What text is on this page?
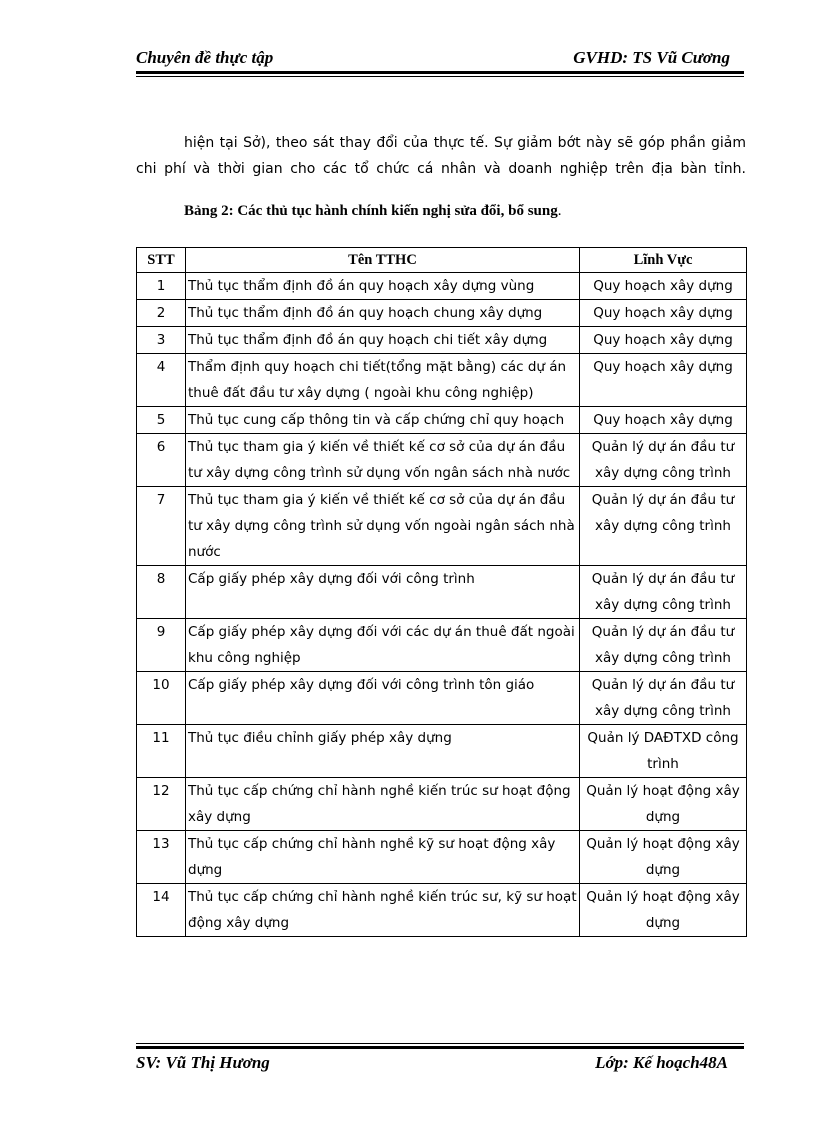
Chuyên đề thực tập	GVHD: TS Vũ Cương

hiện tại Sở), theo sát thay đổi của thực tế. Sự giảm bớt này sẽ góp phần giảm

chi phí và thời gian cho các tổ chức cá nhân và doanh nghiệp trên địa bàn tỉnh.

Bảng 2: Các thủ tục hành chính kiến nghị sửa đổi, bổ sung.
STT	Tên TTHC	Lĩnh Vực
1	Thủ tục thẩm định đồ án quy hoạch xây dựng vùng	Quy hoạch xây dựng
2	Thủ tục thẩm định đồ án quy hoạch chung xây dựng	Quy hoạch xây dựng
3	Thủ tục thẩm định đồ án quy hoạch chi tiết xây dựng	Quy hoạch xây dựng
4	Thẩm định quy hoạch chi tiết(tổng mặt bằng) các dự án thuê đất đầu tư xây dựng ( ngoài khu công nghiệp)	Quy hoạch xây dựng
5	Thủ tục cung cấp thông tin và cấp chứng chỉ quy hoạch	Quy hoạch xây dựng
6	Thủ tục tham gia ý kiến về thiết kế cơ sở của dự án đầu tư xây dựng công trình sử dụng vốn ngân sách nhà nước	Quản lý dự án đầu tư xây dựng công trình
7	Thủ tục tham gia ý kiến về thiết kế cơ sở của dự án đầu tư xây dựng công trình sử dụng vốn ngoài ngân sách nhà nước	Quản lý dự án đầu tư xây dựng công trình
8	Cấp giấy phép xây dựng đối với công trình	Quản lý dự án đầu tư xây dựng công trình
9	Cấp giấy phép xây dựng đối với các dự án thuê đất ngoài khu công nghiệp	Quản lý dự án đầu tư xây dựng công trình
10	Cấp giấy phép xây dựng đối với công trình tôn giáo	Quản lý dự án đầu tư xây dựng công trình
11	Thủ tục điều chỉnh giấy phép xây dựng	Quản lý DAĐTXD công trình
12	Thủ tục cấp chứng chỉ hành nghề kiến trúc sư hoạt động xây dựng	Quản lý hoạt động xây dựng
13	Thủ tục cấp chứng chỉ hành nghề kỹ sư hoạt động xây dựng	Quản lý hoạt động xây dựng
14	Thủ tục cấp chứng chỉ hành nghề kiến trúc sư, kỹ sư hoạt động xây dựng	Quản lý hoạt động xây dựng
SV: Vũ Thị Hương	Lớp: Kế hoạch48A
